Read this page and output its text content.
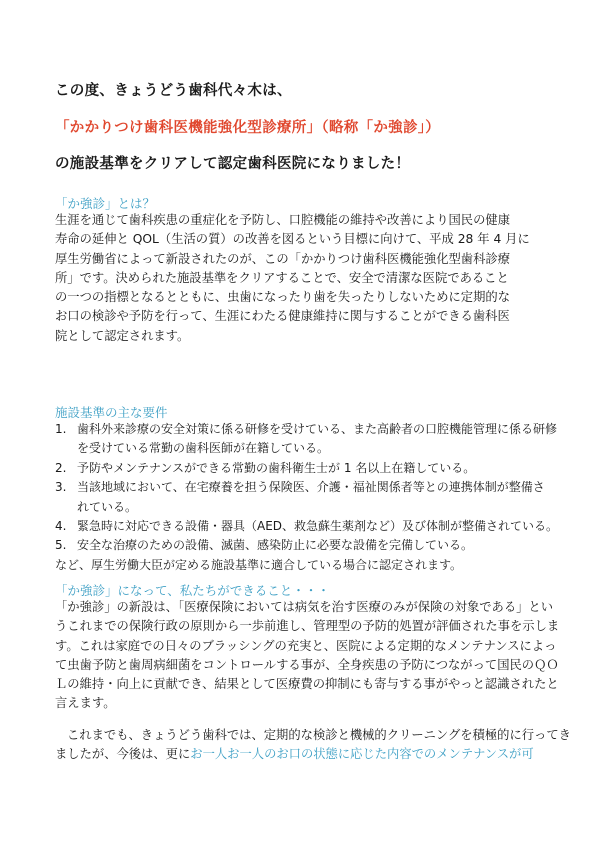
この度、きょうどう歯科代々木は、
「かかりつけ歯科医機能強化型診療所」（略称「か強診」）
の施設基準をクリアして認定歯科医院になりました！
「か強診」とは？

生涯を通じて歯科疾患の重症化を予防し、口腔機能の維持や改善により国民の健康
寿命の延伸と QOL（生活の質）の改善を図るという目標に向けて、平成 28 年 4 月に
厚生労働省によって新設されたのが、この「かかりつけ歯科医機能強化型歯科診療
所」です。決められた施設基準をクリアすることで、安全で清潔な医院であること
の一つの指標となるとともに、虫歯になったり歯を失ったりしないために定期的な
お口の検診や予防を行って、生涯にわたる健康維持に関与することができる歯科医
院として認定されます。

施設基準の主な要件
1. 歯科外来診療の安全対策に係る研修を受けている、また高齢者の口腔機能管理に係る研修
を受けている常勤の歯科医師が在籍している。
2. 予防やメンテナンスができる常勤の歯科衛生士が 1 名以上在籍している。
3. 当該地域において、在宅療養を担う保険医、介護・福祉関係者等との連携体制が整備さ
れている。
4. 緊急時に対応できる設備・器具（AED、救急蘇生薬剤など）及び体制が整備されている。
5. 安全な治療のための設備、滅菌、感染防止に必要な設備を完備している。
など、厚生労働大臣が定める施設基準に適合している場合に認定されます。
「か強診」になって、私たちができること・・・

「か強診」の新設は、「医療保険においては病気を治す医療のみが保険の対象である」とい
うこれまでの保険行政の原則から一歩前進し、管理型の予防的処置が評価された事を示しま
す。これは家庭での日々のブラッシングの充実と、医院による定期的なメンテナンスによっ
て虫歯予防と歯周病細菌をコントロールする事が、全身疾患の予防につながって国民のＱＯ
Ｌの維持・向上に貢献でき、結果として医療費の抑制にも寄与する事がやっと認識されたと
言えます。

これまでも、きょうどう歯科では、定期的な検診と機械的クリーニングを積極的に行ってき
ましたが、今後は、更にお一人お一人のお口の状態に応じた内容でのメンテナンスが可
